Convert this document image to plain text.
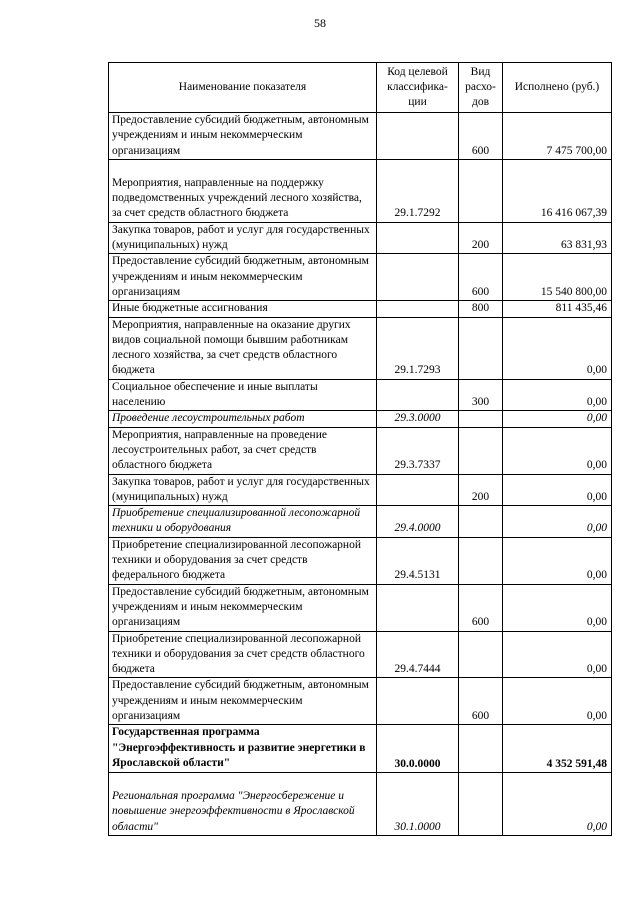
58
Наименование показателя	Код целевой классифика-ции	Вид расхо-дов	Исполнено (руб.)
Предоставление субсидий бюджетным, автономным учреждениям и иным некоммерческим организациям		600	7 475 700,00
Мероприятия, направленные на поддержку подведомственных учреждений лесного хозяйства, за счет средств областного бюджета	29.1.7292		16 416 067,39
Закупка товаров, работ и услуг для государственных (муниципальных) нужд		200	63 831,93
Предоставление субсидий бюджетным, автономным учреждениям и иным некоммерческим организациям		600	15 540 800,00
Иные бюджетные ассигнования		800	811 435,46
Мероприятия, направленные на оказание других видов социальной помощи бывшим работникам лесного хозяйства, за счет средств областного бюджета	29.1.7293		0,00
Социальное обеспечение и иные выплаты населению		300	0,00
Проведение лесоустроительных работ	29.3.0000		0,00
Мероприятия, направленные на проведение лесоустроительных работ, за счет средств областного бюджета	29.3.7337		0,00
Закупка товаров, работ и услуг для государственных (муниципальных) нужд		200	0,00
Приобретение специализированной лесопожарной техники и оборудования	29.4.0000		0,00
Приобретение специализированной лесопожарной техники и оборудования за счет средств федерального бюджета	29.4.5131		0,00
Предоставление субсидий бюджетным, автономным учреждениям и иным некоммерческим организациям		600	0,00
Приобретение специализированной лесопожарной техники и оборудования за счет средств областного бюджета	29.4.7444		0,00
Предоставление субсидий бюджетным, автономным учреждениям и иным некоммерческим организациям		600	0,00
Государственная программа "Энергоэффективность и развитие энергетики в Ярославской области"	30.0.0000		4 352 591,48
Региональная программа "Энергосбережение и повышение энергоэффективности в Ярославской области"	30.1.0000		0,00
